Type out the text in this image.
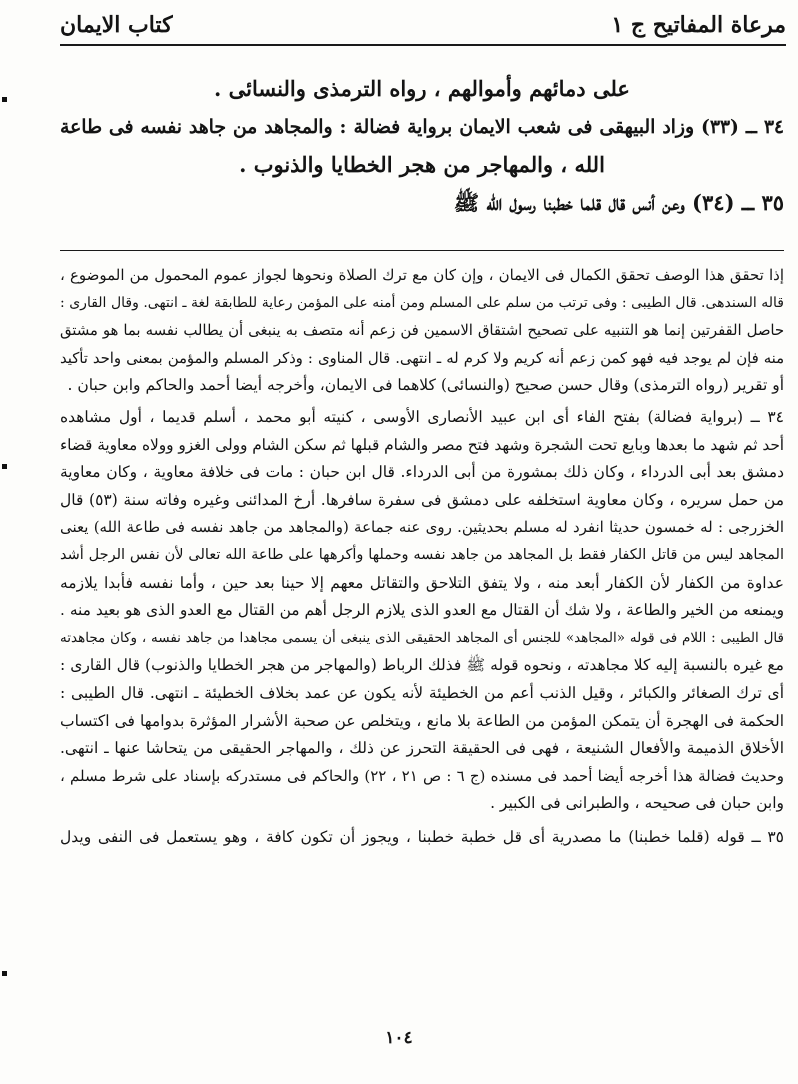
مرعاة المفاتيح ج ١
كتاب الايمان

على دمائهم وأموالهم ، رواه الترمذى والنسائى .

٣٤ ــ (٣٣) وزاد البيهقى فى شعب الايمان برواية فضالة : والمجاهد من جاهد نفسه فى طاعة

الله ، والمهاجر من هجر الخطايا والذنوب .

٣٥ ــ (٣٤) وعن أنس قال قلما خطبنا رسول الله ﷺ

إذا تحقق هذا الوصف تحقق الكمال فى الايمان ، وإن كان مع ترك الصلاة ونحوها لجواز عموم المحمول من الموضوع ،

قاله السندهى. قال الطيبى : وفى ترتب من سلم على المسلم ومن أمنه على المؤمن رعاية للطابقة لغة ـ انتهى. وقال القارى :

حاصل القفرتين إنما هو التنبيه على تصحيح اشتقاق الاسمين فن زعم أنه متصف به ينبغى أن يطالب نفسه بما هو مشتق

منه فإن لم يوجد فيه فهو كمن زعم أنه كريم ولا كرم له ـ انتهى. قال المناوى : وذكر المسلم والمؤمن بمعنى واحد تأكيد

أو تقرير (رواه الترمذى) وقال حسن صحيح (والنسائى) كلاهما فى الايمان، وأخرجه أيضا أحمد والحاكم وابن حبان .

٣٤ ــ (برواية فضالة) بفتح الفاء أى ابن عبيد الأنصارى الأوسى ، كنيته أبو محمد ، أسلم قديما ، أول مشاهده

أحد ثم شهد ما بعدها وبايع تحت الشجرة وشهد فتح مصر والشام قبلها ثم سكن الشام وولى الغزو وولاه معاوية قضاء

دمشق بعد أبى الدرداء ، وكان ذلك بمشورة من أبى الدرداء. قال ابن حبان : مات فى خلافة معاوية ، وكان معاوية

من حمل سريره ، وكان معاوية استخلفه على دمشق فى سفرة سافرها. أرخ المدائنى وغيره وفاته سنة (٥٣) قال

الخزرجى : له خمسون حديثا انفرد له مسلم بحديثين. روى عنه جماعة (والمجاهد من جاهد نفسه فى طاعة الله) يعنى

المجاهد ليس من قاتل الكفار فقط بل المجاهد من جاهد نفسه وحملها وأكرهها على طاعة الله تعالى لأن نفس الرجل أشد

عداوة من الكفار لأن الكفار أبعد منه ، ولا يتفق التلاحق والتقاتل معهم إلا حينا بعد حين ، وأما نفسه فأبدا يلازمه

ويمنعه من الخير والطاعة ، ولا شك أن القتال مع العدو الذى يلازم الرجل أهم من القتال مع العدو الذى هو بعيد منه .

قال الطيبى : اللام فى قوله «المجاهد» للجنس أى المجاهد الحقيقى الذى ينبغى أن يسمى مجاهدا من جاهد نفسه ، وكان مجاهدته

مع غيره بالنسبة إليه كلا مجاهدته ، ونحوه قوله ﷺ فذلك الرباط (والمهاجر من هجر الخطايا والذنوب) قال القارى :

أى ترك الصغائر والكبائر ، وقيل الذنب أعم من الخطيئة لأنه يكون عن عمد بخلاف الخطيئة ـ انتهى. قال الطيبى :

الحكمة فى الهجرة أن يتمكن المؤمن من الطاعة بلا مانع ، ويتخلص عن صحبة الأشرار المؤثرة بدوامها فى اكتساب

الأخلاق الذميمة والأفعال الشنيعة ، فهى فى الحقيقة التحرز عن ذلك ، والمهاجر الحقيقى من يتحاشا عنها ـ انتهى.

وحديث فضالة هذا أخرجه أيضا أحمد فى مسنده (ج ٦ : ص ٢١ ، ٢٢) والحاكم فى مستدركه بإسناد على شرط مسلم ،

وابن حبان فى صحيحه ، والطبرانى فى الكبير .

٣٥ ــ قوله (قلما خطبنا) ما مصدرية أى قل خطبة خطبنا ، ويجوز أن تكون كافة ، وهو يستعمل فى النفى ويدل

١٠٤
